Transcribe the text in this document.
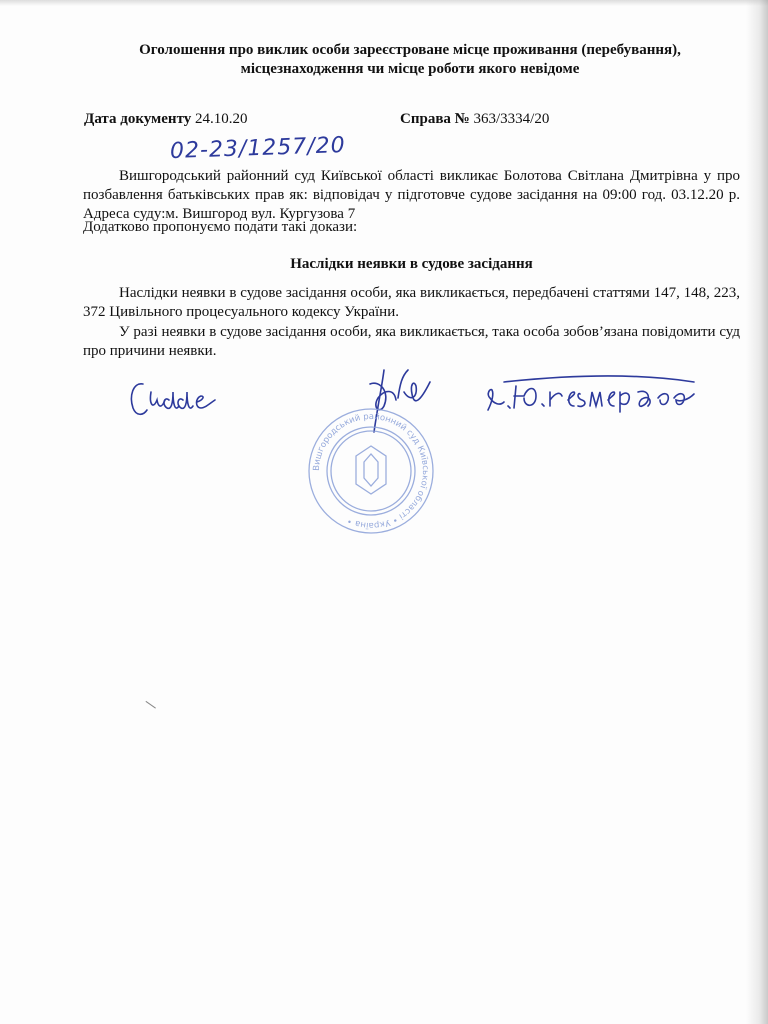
Оголошення про виклик особи зареєстроване місце проживання (перебування),
місцезнаходження чи місце роботи якого невідоме
Дата документу 24.10.20	Справа № 363/3334/20
02-23/1257/20
Вишгородський районний суд Київської області викликає Болотова Світлана Дмитрівна у про позбавлення батьківських прав як: відповідач у підготовче судове засідання на 09:00 год. 03.12.20 р. Адреса суду:м. Вишгород вул. Кургузова 7
Додатково пропонуємо подати такі докази:
Наслідки неявки в судове засідання
Наслідки неявки в судове засідання особи, яка викликається, передбачені статтями 147, 148, 223, 372 Цивільного процесуального кодексу України.
У разі неявки в судове засідання особи, яка викликається, така особа зобов’язана повідомити суд про причини неявки.
Вишгородський районний суд Київської області • Україна •
